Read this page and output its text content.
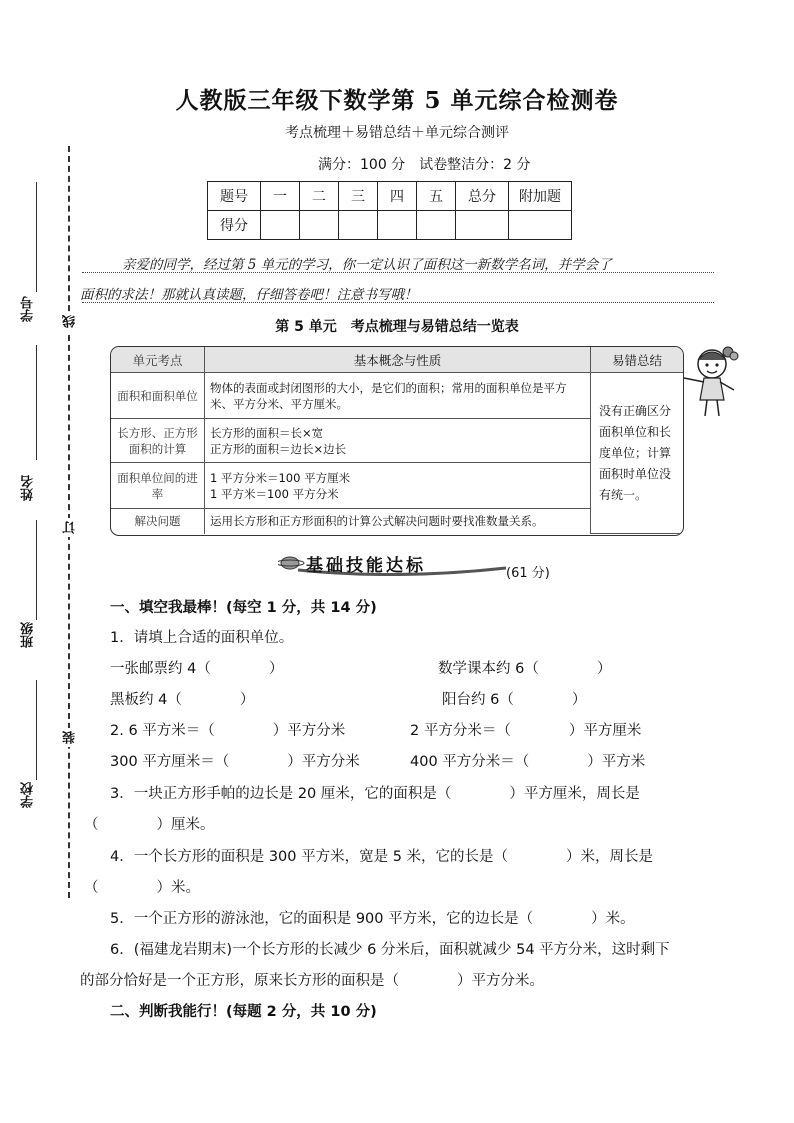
学号
姓名
班级
学校
线
订
装
人教版三年级下数学第 5 单元综合检测卷
考点梳理＋易错总结＋单元综合测评
满分：100 分　试卷整洁分：2 分
题号	一	二	三	四	五	总分	附加题
得分							
亲爱的同学，经过第 5 单元的学习，你一定认识了面积这一新数学名词，并学会了
面积的求法！那就认真读题，仔细答卷吧！注意书写哦！
第 5 单元　考点梳理与易错总结一览表
单元考点	基本概念与性质	易错总结
面积和面积单位	物体的表面或封闭图形的大小，是它们的面积；常用的面积单位是平方米、平方分米、平方厘米。	没有正确区分面积单位和长度单位；计算面积时单位没有统一。
长方形、正方形面积的计算	长方形的面积＝长×宽
正方形的面积＝边长×边长	

面积单位间的进率	1 平方分米＝100 平方厘米
1 平方米＝100 平方分米	

解决问题	运用长方形和正方形面积的计算公式解决问题时要找准数量关系。	
基础技能达标	(61 分)
一、填空我最棒！(每空 1 分，共 14 分)
1．请填上合适的面积单位。
一张邮票约 4（　　　　）	数学课本约 6（　　　　）
黑板约 4（　　　　）	阳台约 6（　　　　）
2. 6 平方米＝（　　　　）平方分米	2 平方分米＝（　　　　）平方厘米
300 平方厘米＝（　　　　）平方分米	400 平方分米＝（　　　　）平方米
3．一块正方形手帕的边长是 20 厘米，它的面积是（　　　　）平方厘米，周长是
（　　　　）厘米。
4．一个长方形的面积是 300 平方米，宽是 5 米，它的长是（　　　　）米，周长是
（　　　　）米。
5．一个正方形的游泳池，它的面积是 900 平方米，它的边长是（　　　　）米。
6．(福建龙岩期末)一个长方形的长减少 6 分米后，面积就减少 54 平方分米，这时剩下
的部分恰好是一个正方形，原来长方形的面积是（　　　　）平方分米。
二、判断我能行！(每题 2 分，共 10 分)
